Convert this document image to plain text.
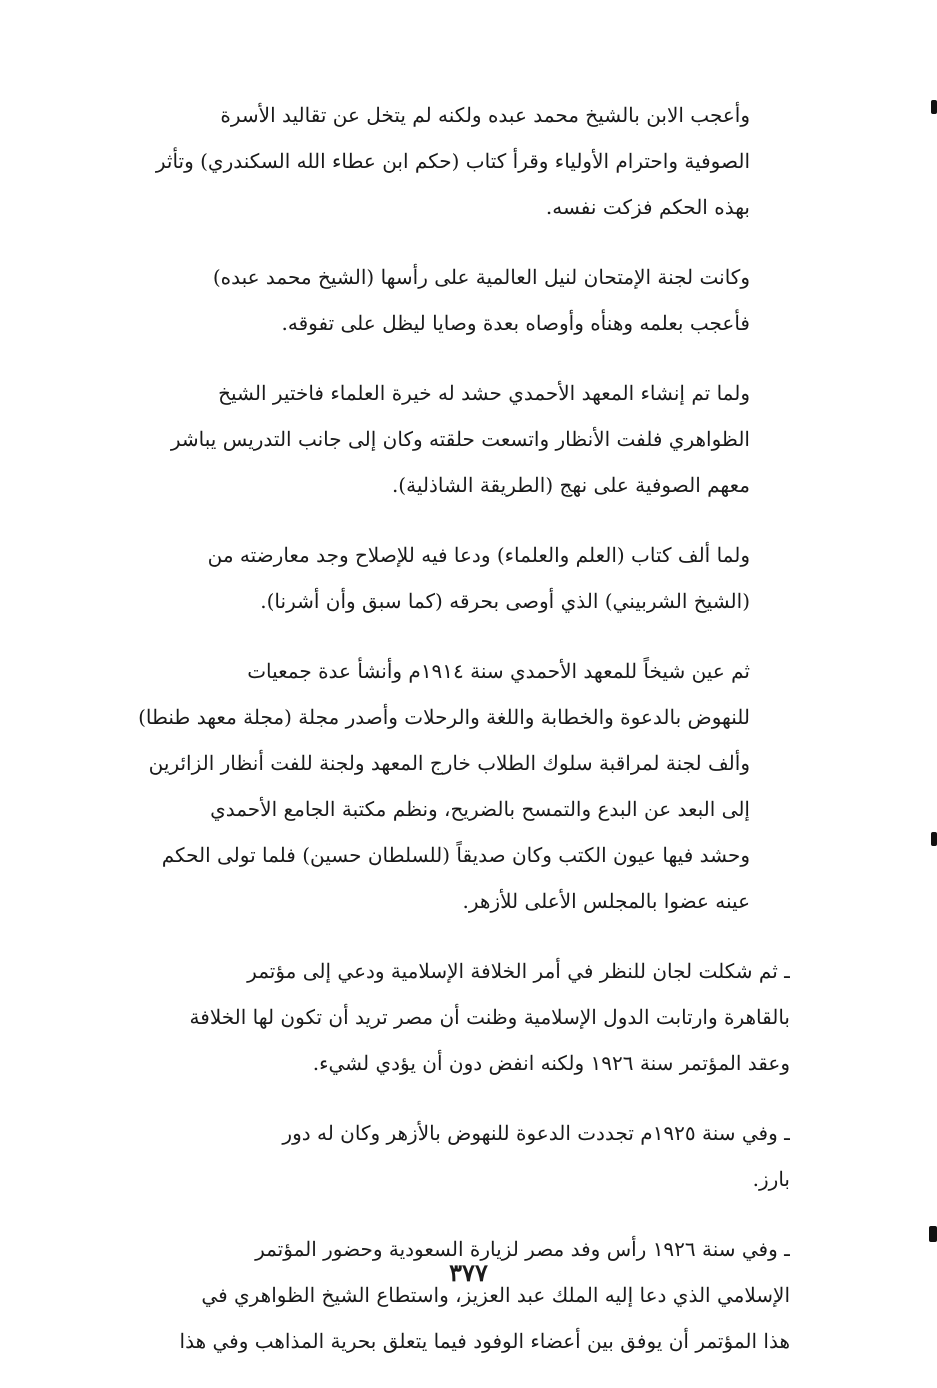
وأعجب الابن بالشيخ محمد عبده ولكنه لم يتخل عن تقاليد الأسرة
الصوفية واحترام الأولياء وقرأ كتاب (حكم ابن عطاء الله السكندري) وتأثر
بهذه الحكم فزكت نفسه.

وكانت لجنة الإمتحان لنيل العالمية على رأسها (الشيخ محمد عبده)
فأعجب بعلمه وهنأه وأوصاه بعدة وصايا ليظل على تفوقه.

ولما تم إنشاء المعهد الأحمدي حشد له خيرة العلماء فاختير الشيخ
الظواهري فلفت الأنظار واتسعت حلقته وكان إلى جانب التدريس يباشر
معهم الصوفية على نهج (الطريقة الشاذلية).

ولما ألف كتاب (العلم والعلماء) ودعا فيه للإصلاح وجد معارضته من
(الشيخ الشربيني) الذي أوصى بحرقه (كما سبق وأن أشرنا).

ثم عين شيخاً للمعهد الأحمدي سنة ١٩١٤م وأنشأ عدة جمعيات
للنهوض بالدعوة والخطابة واللغة والرحلات وأصدر مجلة (مجلة معهد طنطا)
وألف لجنة لمراقبة سلوك الطلاب خارج المعهد ولجنة للفت أنظار الزائرين
إلى البعد عن البدع والتمسح بالضريح، ونظم مكتبة الجامع الأحمدي
وحشد فيها عيون الكتب وكان صديقاً (للسلطان حسين) فلما تولى الحكم
عينه عضوا بالمجلس الأعلى للأزهر.

ـ ثم شكلت لجان للنظر في أمر الخلافة الإسلامية ودعي إلى مؤتمر
بالقاهرة وارتابت الدول الإسلامية وظنت أن مصر تريد أن تكون لها الخلافة
وعقد المؤتمر سنة ١٩٢٦ ولكنه انفض دون أن يؤدي لشيء.

ـ وفي سنة ١٩٢٥م تجددت الدعوة للنهوض بالأزهر وكان له دور
بارز.

ـ وفي سنة ١٩٢٦ رأس وفد مصر لزيارة السعودية وحضور المؤتمر
الإسلامي الذي دعا إليه الملك عبد العزيز، واستطاع الشيخ الظواهري في
هذا المؤتمر أن يوفق بين أعضاء الوفود فيما يتعلق بحرية المذاهب وفي هذا

٣٧٧
